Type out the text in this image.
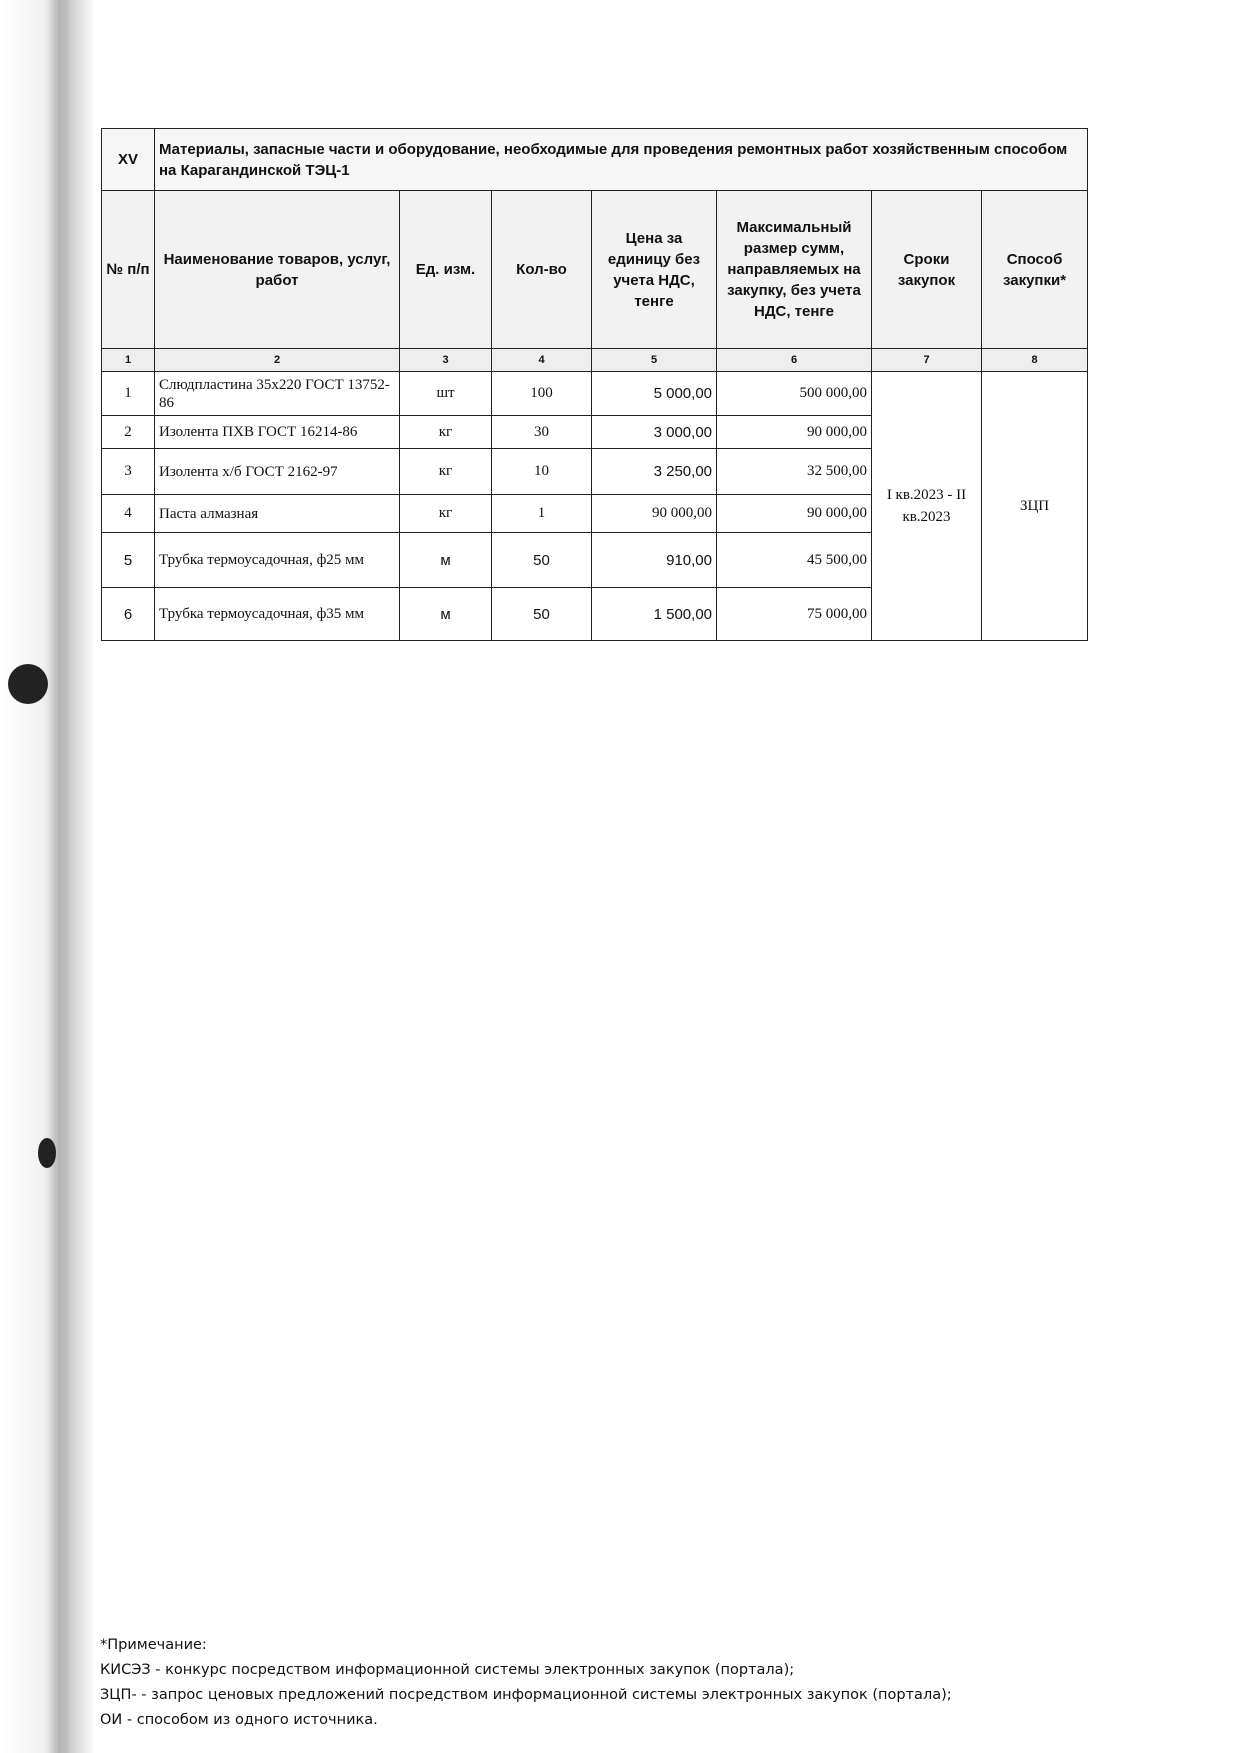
XV	Материалы, запасные части и оборудование, необходимые для проведения ремонтных работ хозяйственным способом на Карагандинской ТЭЦ-1						
№ п/п	Наименование товаров, услуг, работ	Ед. изм.	Кол-во	Цена за единицу без учета НДС, тенге	Максимальный размер сумм, направляемых на закупку, без учета НДС, тенге	Сроки закупок	Способ закупки*
1	2	3	4	5	6	7	8
1	Слюдпластина 35х220 ГОСТ 13752-86	шт	100	5 000,00	500 000,00	I кв.2023 - II кв.2023	ЗЦП
2	Изолента ПХВ ГОСТ 16214-86	кг	30	3 000,00	90 000,00		
3	Изолента х/б ГОСТ 2162-97	кг	10	3 250,00	32 500,00		
4	Паста алмазная	кг	1	90 000,00	90 000,00		
5	Трубка термоусадочная, ф25 мм	м	50	910,00	45 500,00		
6	Трубка термоусадочная, ф35 мм	м	50	1 500,00	75 000,00		
*Примечание:
КИСЭЗ - конкурс посредством информационной системы электронных закупок (портала);
ЗЦП- - запрос ценовых предложений посредством информационной системы электронных закупок (портала);
ОИ - способом из одного источника.
